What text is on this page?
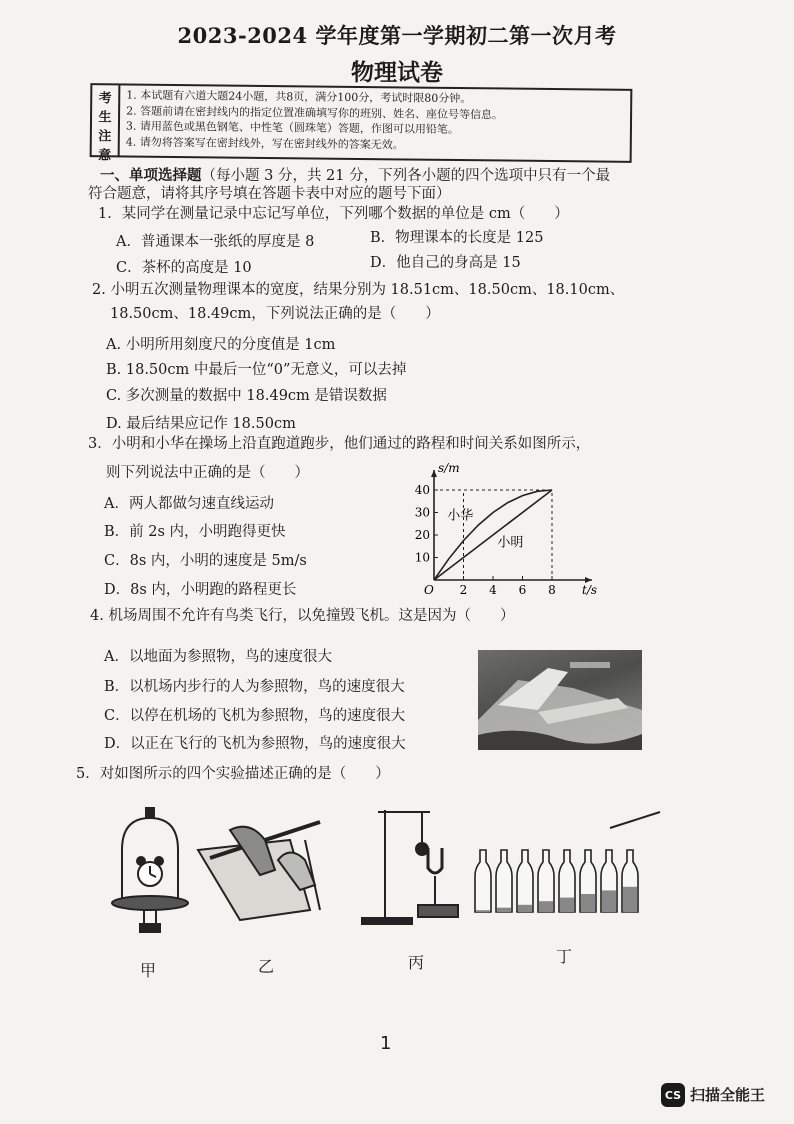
2023-2024 学年度第一学期初二第一次月考
物理试卷
考
生
注
意
1. 本试题有六道大题24小题，共8页，满分100分，考试时限80分钟。
2. 答题前请在密封线内的指定位置准确填写你的班别、姓名、座位号等信息。
3. 请用蓝色或黑色钢笔、中性笔（圆珠笔）答题，作图可以用铅笔。
4. 请勿将答案写在密封线外，写在密封线外的答案无效。
一、单项选择题（每小题 3 分，共 21 分，下列各小题的四个选项中只有一个最
符合题意，请将其序号填在答题卡表中对应的题号下面）
1．某同学在测量记录中忘记写单位，下列哪个数据的单位是 cm（　　）
A．普通课本一张纸的厚度是 8	B．物理课本的长度是 125
C．茶杯的高度是 10	D．他自己的身高是 15
2. 小明五次测量物理课本的宽度，结果分别为 18.51cm、18.50cm、18.10cm、
18.50cm、18.49cm，下列说法正确的是（　　）
A. 小明所用刻度尺的分度值是 1cm
B. 18.50cm 中最后一位“0”无意义，可以去掉
C. 多次测量的数据中 18.49cm 是错误数据
D. 最后结果应记作 18.50cm
3．小明和小华在操场上沿直跑道跑步，他们通过的路程和时间关系如图所示，
则下列说法中正确的是（　　）
A．两人都做匀速直线运动
B．前 2s 内，小明跑得更快
C．8s 内，小明的速度是 5m/s
D．8s 内，小明跑的路程更长	2 4 6 8
10
20
30
40
O	t/s
s/m
小华
小明
4. 机场周围不允许有鸟类飞行，以免撞毁飞机。这是因为（　　）
A．以地面为参照物，鸟的速度很大
B．以机场内步行的人为参照物，鸟的速度很大
C．以停在机场的飞机为参照物，鸟的速度很大
D．以正在飞行的飞机为参照物，鸟的速度很大
5．对如图所示的四个实验描述正确的是（　　）
甲	乙	丙	丁
1
CS 扫描全能王
